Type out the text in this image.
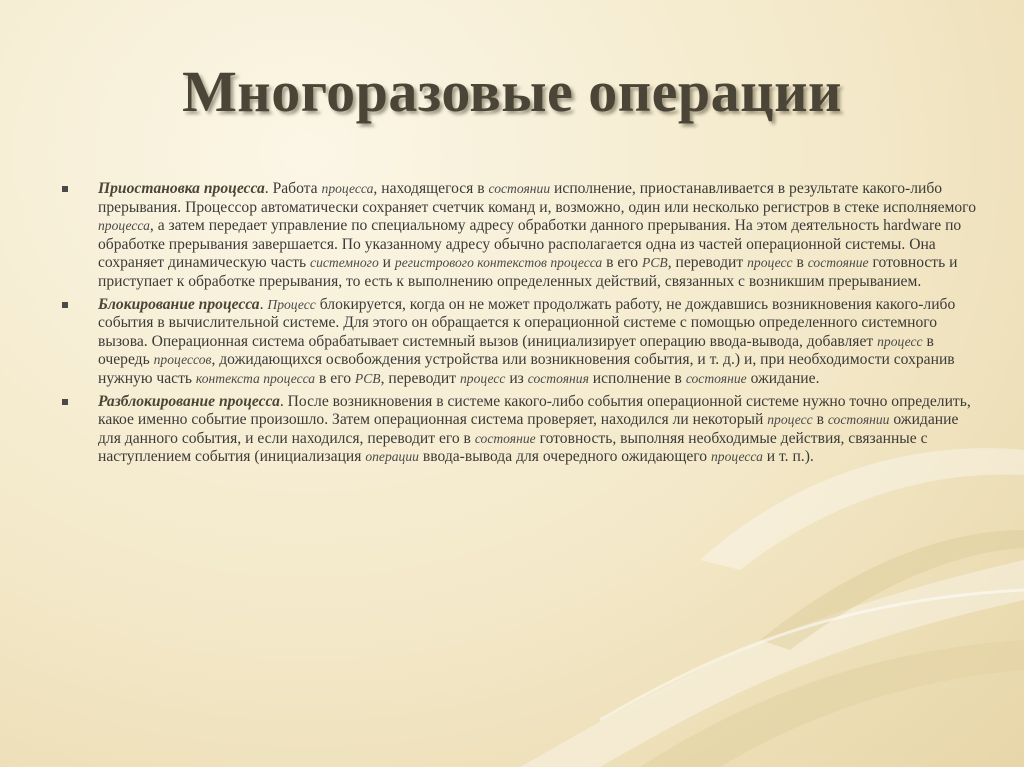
Многоразовые операции
Приостановка процесса. Работа процесса, находящегося в состоянии исполнение, приостанавливается в результате какого-либо прерывания. Процессор автоматически сохраняет счетчик команд и, возможно, один или несколько регистров в стеке исполняемого процесса, а затем передает управление по специальному адресу обработки данного прерывания. На этом деятельность hardware по обработке прерывания завершается. По указанному адресу обычно располагается одна из частей операционной системы. Она сохраняет динамическую часть системного и регистрового контекстов процесса в его PCB, переводит процесс в состояние готовность и приступает к обработке прерывания, то есть к выполнению определенных действий, связанных с возникшим прерыванием.
Блокирование процесса. Процесс блокируется, когда он не может продолжать работу, не дождавшись возникновения какого-либо события в вычислительной системе. Для этого он обращается к операционной системе с помощью определенного системного вызова. Операционная система обрабатывает системный вызов (инициализирует операцию ввода-вывода, добавляет процесс в очередь процессов, дожидающихся освобождения устройства или возникновения события, и т. д.) и, при необходимости сохранив нужную часть контекста процесса в его PCB, переводит процесс из состояния исполнение в состояние ожидание.
Разблокирование процесса. После возникновения в системе какого-либо события операционной системе нужно точно определить, какое именно событие произошло. Затем операционная система проверяет, находился ли некоторый процесс в состоянии ожидание для данного события, и если находился, переводит его в состояние готовность, выполняя необходимые действия, связанные с наступлением события (инициализация операции ввода-вывода для очередного ожидающего процесса и т. п.).
